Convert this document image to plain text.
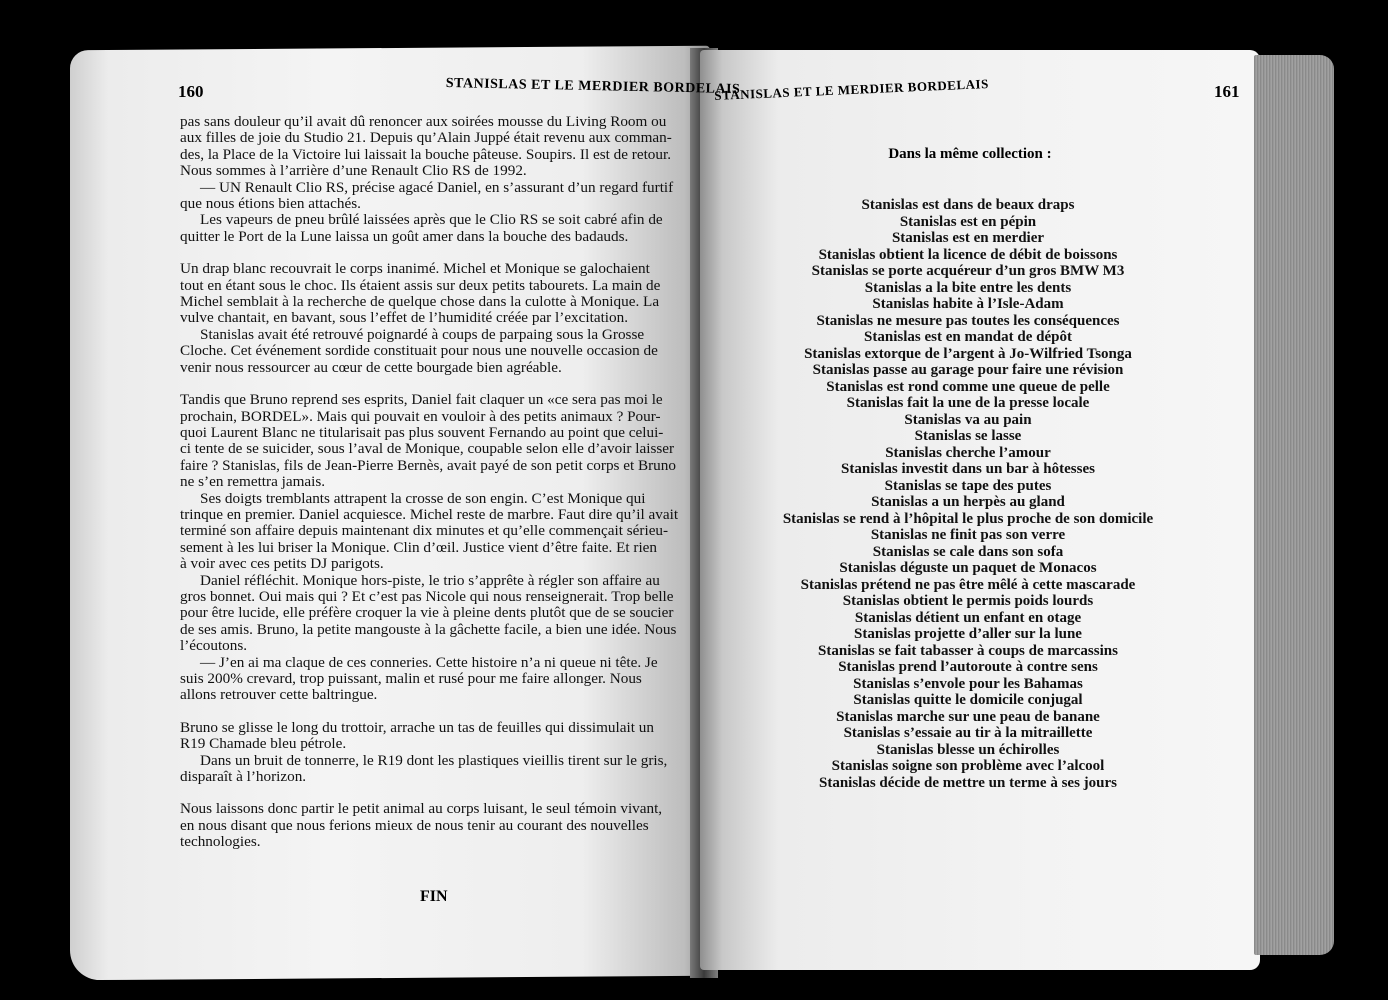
160	STANISLAS ET LE MERDIER BORDELAIS
pas sans douleur qu’il avait dû renoncer aux soirées mousse du Living Room ou
aux filles de joie du Studio 21. Depuis qu’Alain Juppé était revenu aux comman-
des, la Place de la Victoire lui laissait la bouche pâteuse. Soupirs. Il est de retour.
Nous sommes à l’arrière d’une Renault Clio RS de 1992.
— UN Renault Clio RS, précise agacé Daniel, en s’assurant d’un regard furtif
que nous étions bien attachés.
Les vapeurs de pneu brûlé laissées après que le Clio RS se soit cabré afin de
quitter le Port de la Lune laissa un goût amer dans la bouche des badauds.
Un drap blanc recouvrait le corps inanimé. Michel et Monique se galochaient
tout en étant sous le choc. Ils étaient assis sur deux petits tabourets. La main de
Michel semblait à la recherche de quelque chose dans la culotte à Monique. La
vulve chantait, en bavant, sous l’effet de l’humidité créée par l’excitation.
Stanislas avait été retrouvé poignardé à coups de parpaing sous la Grosse
Cloche. Cet événement sordide constituait pour nous une nouvelle occasion de
venir nous ressourcer au cœur de cette bourgade bien agréable.
Tandis que Bruno reprend ses esprits, Daniel fait claquer un «ce sera pas moi le
prochain, BORDEL». Mais qui pouvait en vouloir à des petits animaux ? Pour-
quoi Laurent Blanc ne titularisait pas plus souvent Fernando au point que celui-
ci tente de se suicider, sous l’aval de Monique, coupable selon elle d’avoir laisser
faire ? Stanislas, fils de Jean-Pierre Bernès, avait payé de son petit corps et Bruno
ne s’en remettra jamais.
Ses doigts tremblants attrapent la crosse de son engin. C’est Monique qui
trinque en premier. Daniel acquiesce. Michel reste de marbre. Faut dire qu’il avait
terminé son affaire depuis maintenant dix minutes et qu’elle commençait sérieu-
sement à les lui briser la Monique. Clin d’œil. Justice vient d’être faite. Et rien
à voir avec ces petits DJ parigots.
Daniel réfléchit. Monique hors-piste, le trio s’apprête à régler son affaire au
gros bonnet. Oui mais qui ? Et c’est pas Nicole qui nous renseignerait. Trop belle
pour être lucide, elle préfère croquer la vie à pleine dents plutôt que de se soucier
de ses amis. Bruno, la petite mangouste à la gâchette facile, a bien une idée. Nous
l’écoutons.
— J’en ai ma claque de ces conneries. Cette histoire n’a ni queue ni tête. Je
suis 200% crevard, trop puissant, malin et rusé pour me faire allonger. Nous
allons retrouver cette baltringue.
Bruno se glisse le long du trottoir, arrache un tas de feuilles qui dissimulait un
R19 Chamade bleu pétrole.
Dans un bruit de tonnerre, le R19 dont les plastiques vieillis tirent sur le gris,
disparaît à l’horizon.
Nous laissons donc partir le petit animal au corps luisant, le seul témoin vivant,
en nous disant que nous ferions mieux de nous tenir au courant des nouvelles
technologies.
FIN
STANISLAS ET LE MERDIER BORDELAIS	161
Dans la même collection :
Stanislas est dans de beaux draps
Stanislas est en pépin
Stanislas est en merdier
Stanislas obtient la licence de débit de boissons
Stanislas se porte acquéreur d’un gros BMW M3
Stanislas a la bite entre les dents
Stanislas habite à l’Isle-Adam
Stanislas ne mesure pas toutes les conséquences
Stanislas est en mandat de dépôt
Stanislas extorque de l’argent à Jo-Wilfried Tsonga
Stanislas passe au garage pour faire une révision
Stanislas est rond comme une queue de pelle
Stanislas fait la une de la presse locale
Stanislas va au pain
Stanislas se lasse
Stanislas cherche l’amour
Stanislas investit dans un bar à hôtesses
Stanislas se tape des putes
Stanislas a un herpès au gland
Stanislas se rend à l’hôpital le plus proche de son domicile
Stanislas ne finit pas son verre
Stanislas se cale dans son sofa
Stanislas déguste un paquet de Monacos
Stanislas prétend ne pas être mêlé à cette mascarade
Stanislas obtient le permis poids lourds
Stanislas détient un enfant en otage
Stanislas projette d’aller sur la lune
Stanislas se fait tabasser à coups de marcassins
Stanislas prend l’autoroute à contre sens
Stanislas s’envole pour les Bahamas
Stanislas quitte le domicile conjugal
Stanislas marche sur une peau de banane
Stanislas s’essaie au tir à la mitraillette
Stanislas blesse un échirolles
Stanislas soigne son problème avec l’alcool
Stanislas décide de mettre un terme à ses jours
